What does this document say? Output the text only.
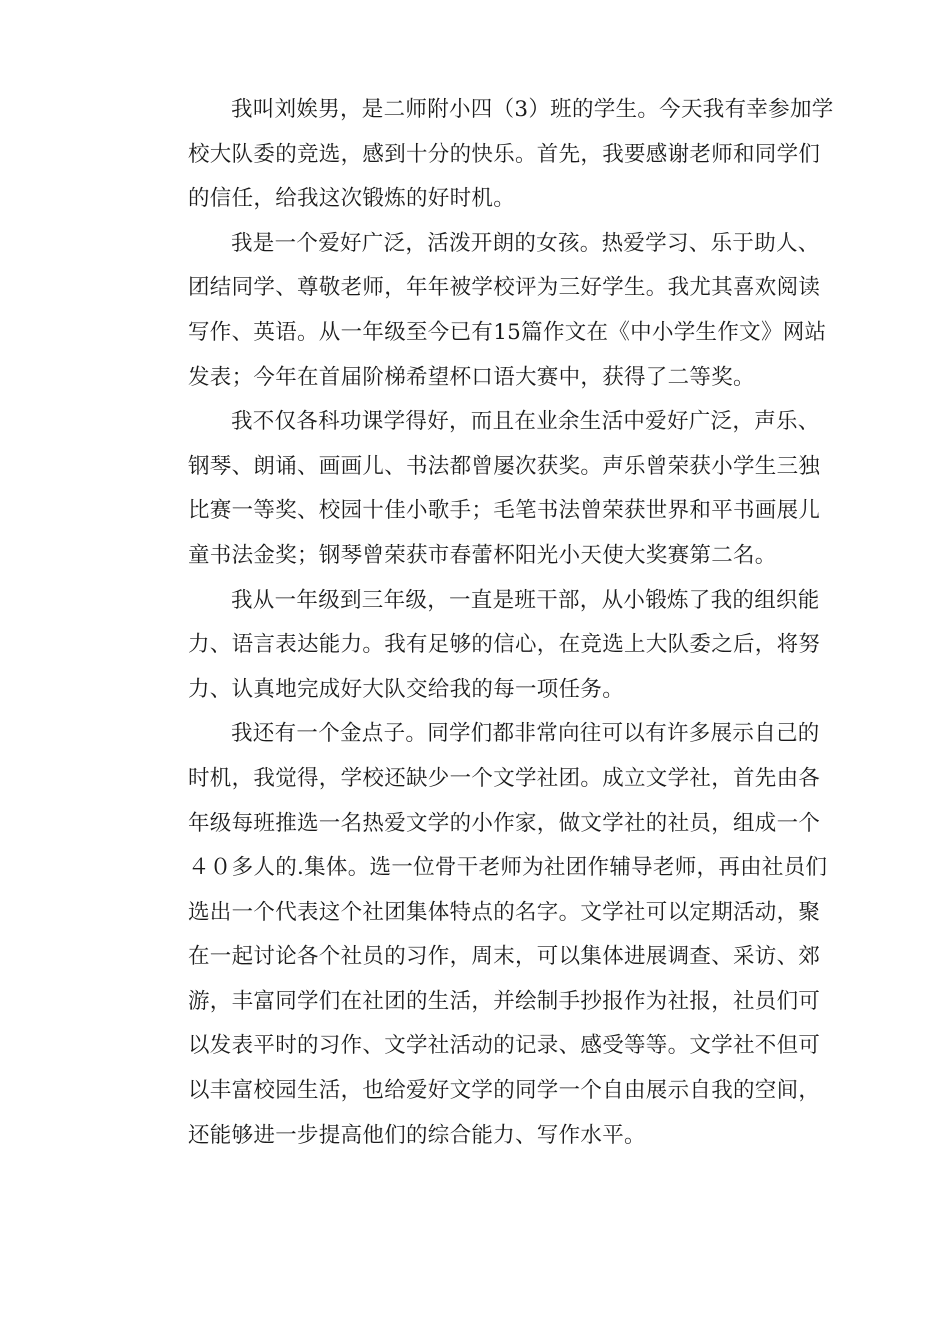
我叫刘娭男，是二师附小四（3）班的学生。今天我有幸参加学
校大队委的竞选，感到十分的快乐。首先，我要感谢老师和同学们
的信任，给我这次锻炼的好时机。
我是一个爱好广泛，活泼开朗的女孩。热爱学习、乐于助人、
团结同学、尊敬老师，年年被学校评为三好学生。我尤其喜欢阅读
写作、英语。从一年级至今已有15篇作文在《中小学生作文》网站
发表；今年在首届阶梯希望杯口语大赛中，获得了二等奖。
我不仅各科功课学得好，而且在业余生活中爱好广泛，声乐、
钢琴、朗诵、画画儿、书法都曾屡次获奖。声乐曾荣获小学生三独
比赛一等奖、校园十佳小歌手；毛笔书法曾荣获世界和平书画展儿
童书法金奖；钢琴曾荣获市春蕾杯阳光小天使大奖赛第二名。
我从一年级到三年级，一直是班干部，从小锻炼了我的组织能
力、语言表达能力。我有足够的信心，在竞选上大队委之后，将努
力、认真地完成好大队交给我的每一项任务。
我还有一个金点子。同学们都非常向往可以有许多展示自己的
时机，我觉得，学校还缺少一个文学社团。成立文学社，首先由各
年级每班推选一名热爱文学的小作家，做文学社的社员，组成一个
４０多人的.集体。选一位骨干老师为社团作辅导老师，再由社员们
选出一个代表这个社团集体特点的名字。文学社可以定期活动，聚
在一起讨论各个社员的习作，周末，可以集体进展调查、采访、郊
游，丰富同学们在社团的生活，并绘制手抄报作为社报，社员们可
以发表平时的习作、文学社活动的记录、感受等等。文学社不但可
以丰富校园生活，也给爱好文学的同学一个自由展示自我的空间，
还能够进一步提高他们的综合能力、写作水平。
